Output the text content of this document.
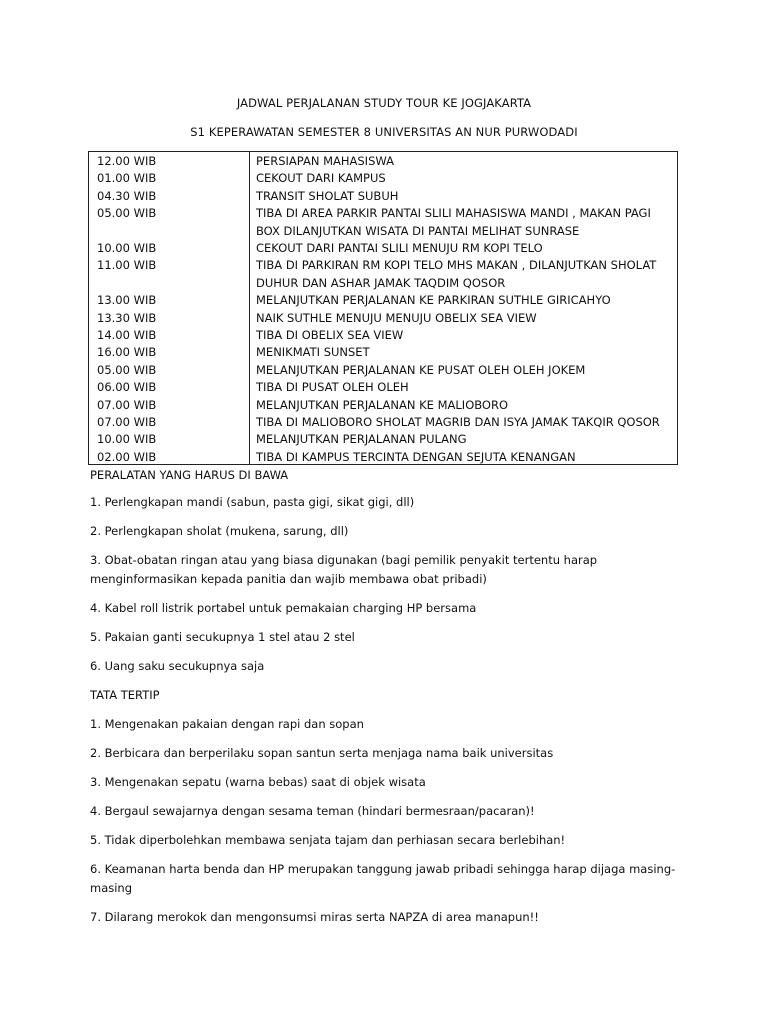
JADWAL PERJALANAN STUDY TOUR KE JOGJAKARTA
S1 KEPERAWATAN SEMESTER 8 UNIVERSITAS AN NUR PURWODADI
12.00 WIB	PERSIAPAN MAHASISWA
01.00 WIB	CEKOUT DARI KAMPUS
04.30 WIB	TRANSIT SHOLAT SUBUH
05.00 WIB	TIBA DI AREA PARKIR PANTAI SLILI MAHASISWA MANDI , MAKAN PAGI BOX DILANJUTKAN WISATA DI PANTAI MELIHAT SUNRASE
10.00 WIB	CEKOUT DARI PANTAI SLILI MENUJU RM KOPI TELO
11.00 WIB	TIBA DI PARKIRAN RM KOPI TELO MHS MAKAN , DILANJUTKAN SHOLAT DUHUR DAN ASHAR JAMAK TAQDIM QOSOR
13.00 WIB	MELANJUTKAN PERJALANAN KE PARKIRAN SUTHLE GIRICAHYO
13.30 WIB	NAIK SUTHLE MENUJU MENUJU OBELIX SEA VIEW
14.00 WIB	TIBA DI OBELIX SEA VIEW
16.00 WIB	MENIKMATI SUNSET
05.00 WIB	MELANJUTKAN PERJALANAN KE PUSAT OLEH OLEH JOKEM
06.00 WIB	TIBA DI PUSAT OLEH OLEH
07.00 WIB	MELANJUTKAN PERJALANAN KE MALIOBORO
07.00 WIB	TIBA DI MALIOBORO SHOLAT MAGRIB DAN ISYA JAMAK TAKQIR QOSOR
10.00 WIB	MELANJUTKAN PERJALANAN PULANG
02.00 WIB	TIBA DI KAMPUS TERCINTA DENGAN SEJUTA KENANGAN
PERALATAN YANG HARUS DI BAWA
1. Perlengkapan mandi (sabun, pasta gigi, sikat gigi, dll)
2. Perlengkapan sholat (mukena, sarung, dll)
3. Obat-obatan ringan atau yang biasa digunakan (bagi pemilik penyakit tertentu harap menginformasikan kepada panitia dan wajib membawa obat pribadi)
4. Kabel roll listrik portabel untuk pemakaian charging HP bersama
5. Pakaian ganti secukupnya 1 stel atau 2 stel
6. Uang saku secukupnya saja
TATA TERTIP
1. Mengenakan pakaian dengan rapi dan sopan
2. Berbicara dan berperilaku sopan santun serta menjaga nama baik universitas
3. Mengenakan sepatu (warna bebas) saat di objek wisata
4. Bergaul sewajarnya dengan sesama teman (hindari bermesraan/pacaran)!
5. Tidak diperbolehkan membawa senjata tajam dan perhiasan secara berlebihan!
6. Keamanan harta benda dan HP merupakan tanggung jawab pribadi sehingga harap dijaga masing-masing
7. Dilarang merokok dan mengonsumsi miras serta NAPZA di area manapun!!
